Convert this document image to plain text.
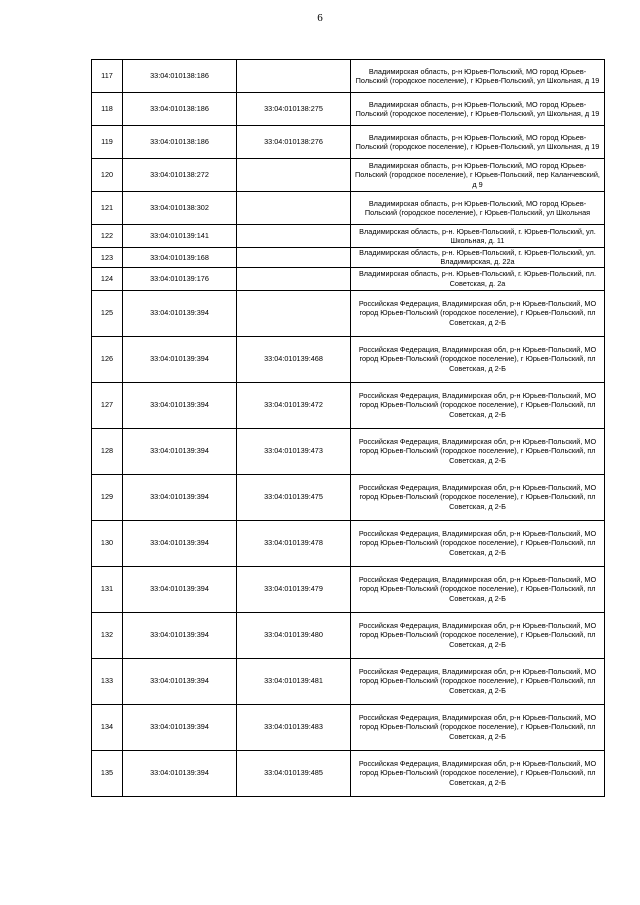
6
117	33:04:010138:186		Владимирская область, р-н Юрьев-Польский, МО город Юрьев-Польский (городское поселение), г Юрьев-Польский, ул Школьная, д 19
118	33:04:010138:186	33:04:010138:275	Владимирская область, р-н Юрьев-Польский, МО город Юрьев-Польский (городское поселение), г Юрьев-Польский, ул Школьная, д 19
119	33:04:010138:186	33:04:010138:276	Владимирская область, р-н Юрьев-Польский, МО город Юрьев-Польский (городское поселение), г Юрьев-Польский, ул Школьная, д 19
120	33:04:010138:272		Владимирская область, р-н Юрьев-Польский, МО город Юрьев-Польский (городское поселение), г Юрьев-Польский, пер Каланчевский, д 9
121	33:04:010138:302		Владимирская область, р-н Юрьев-Польский, МО город Юрьев-Польский (городское поселение), г Юрьев-Польский, ул Школьная
122	33:04:010139:141		Владимирская область, р-н. Юрьев-Польский, г. Юрьев-Польский, ул. Школьная, д. 11
123	33:04:010139:168		Владимирская область, р-н. Юрьев-Польский, г. Юрьев-Польский, ул. Владимирская, д. 22а
124	33:04:010139:176		Владимирская область, р-н. Юрьев-Польский, г. Юрьев-Польский, пл. Советская, д. 2а
125	33:04:010139:394		Российская Федерация, Владимирская обл, р-н Юрьев-Польский, МО город Юрьев-Польский (городское поселение), г Юрьев-Польский, пл Советская, д 2-Б
126	33:04:010139:394	33:04:010139:468	Российская Федерация, Владимирская обл, р-н Юрьев-Польский, МО город Юрьев-Польский (городское поселение), г Юрьев-Польский, пл Советская, д 2-Б
127	33:04:010139:394	33:04:010139:472	Российская Федерация, Владимирская обл, р-н Юрьев-Польский, МО город Юрьев-Польский (городское поселение), г Юрьев-Польский, пл Советская, д 2-Б
128	33:04:010139:394	33:04:010139:473	Российская Федерация, Владимирская обл, р-н Юрьев-Польский, МО город Юрьев-Польский (городское поселение), г Юрьев-Польский, пл Советская, д 2-Б
129	33:04:010139:394	33:04:010139:475	Российская Федерация, Владимирская обл, р-н Юрьев-Польский, МО город Юрьев-Польский (городское поселение), г Юрьев-Польский, пл Советская, д 2-Б
130	33:04:010139:394	33:04:010139:478	Российская Федерация, Владимирская обл, р-н Юрьев-Польский, МО город Юрьев-Польский (городское поселение), г Юрьев-Польский, пл Советская, д 2-Б
131	33:04:010139:394	33:04:010139:479	Российская Федерация, Владимирская обл, р-н Юрьев-Польский, МО город Юрьев-Польский (городское поселение), г Юрьев-Польский, пл Советская, д 2-Б
132	33:04:010139:394	33:04:010139:480	Российская Федерация, Владимирская обл, р-н Юрьев-Польский, МО город Юрьев-Польский (городское поселение), г Юрьев-Польский, пл Советская, д 2-Б
133	33:04:010139:394	33:04:010139:481	Российская Федерация, Владимирская обл, р-н Юрьев-Польский, МО город Юрьев-Польский (городское поселение), г Юрьев-Польский, пл Советская, д 2-Б
134	33:04:010139:394	33:04:010139:483	Российская Федерация, Владимирская обл, р-н Юрьев-Польский, МО город Юрьев-Польский (городское поселение), г Юрьев-Польский, пл Советская, д 2-Б
135	33:04:010139:394	33:04:010139:485	Российская Федерация, Владимирская обл, р-н Юрьев-Польский, МО город Юрьев-Польский (городское поселение), г Юрьев-Польский, пл Советская, д 2-Б
